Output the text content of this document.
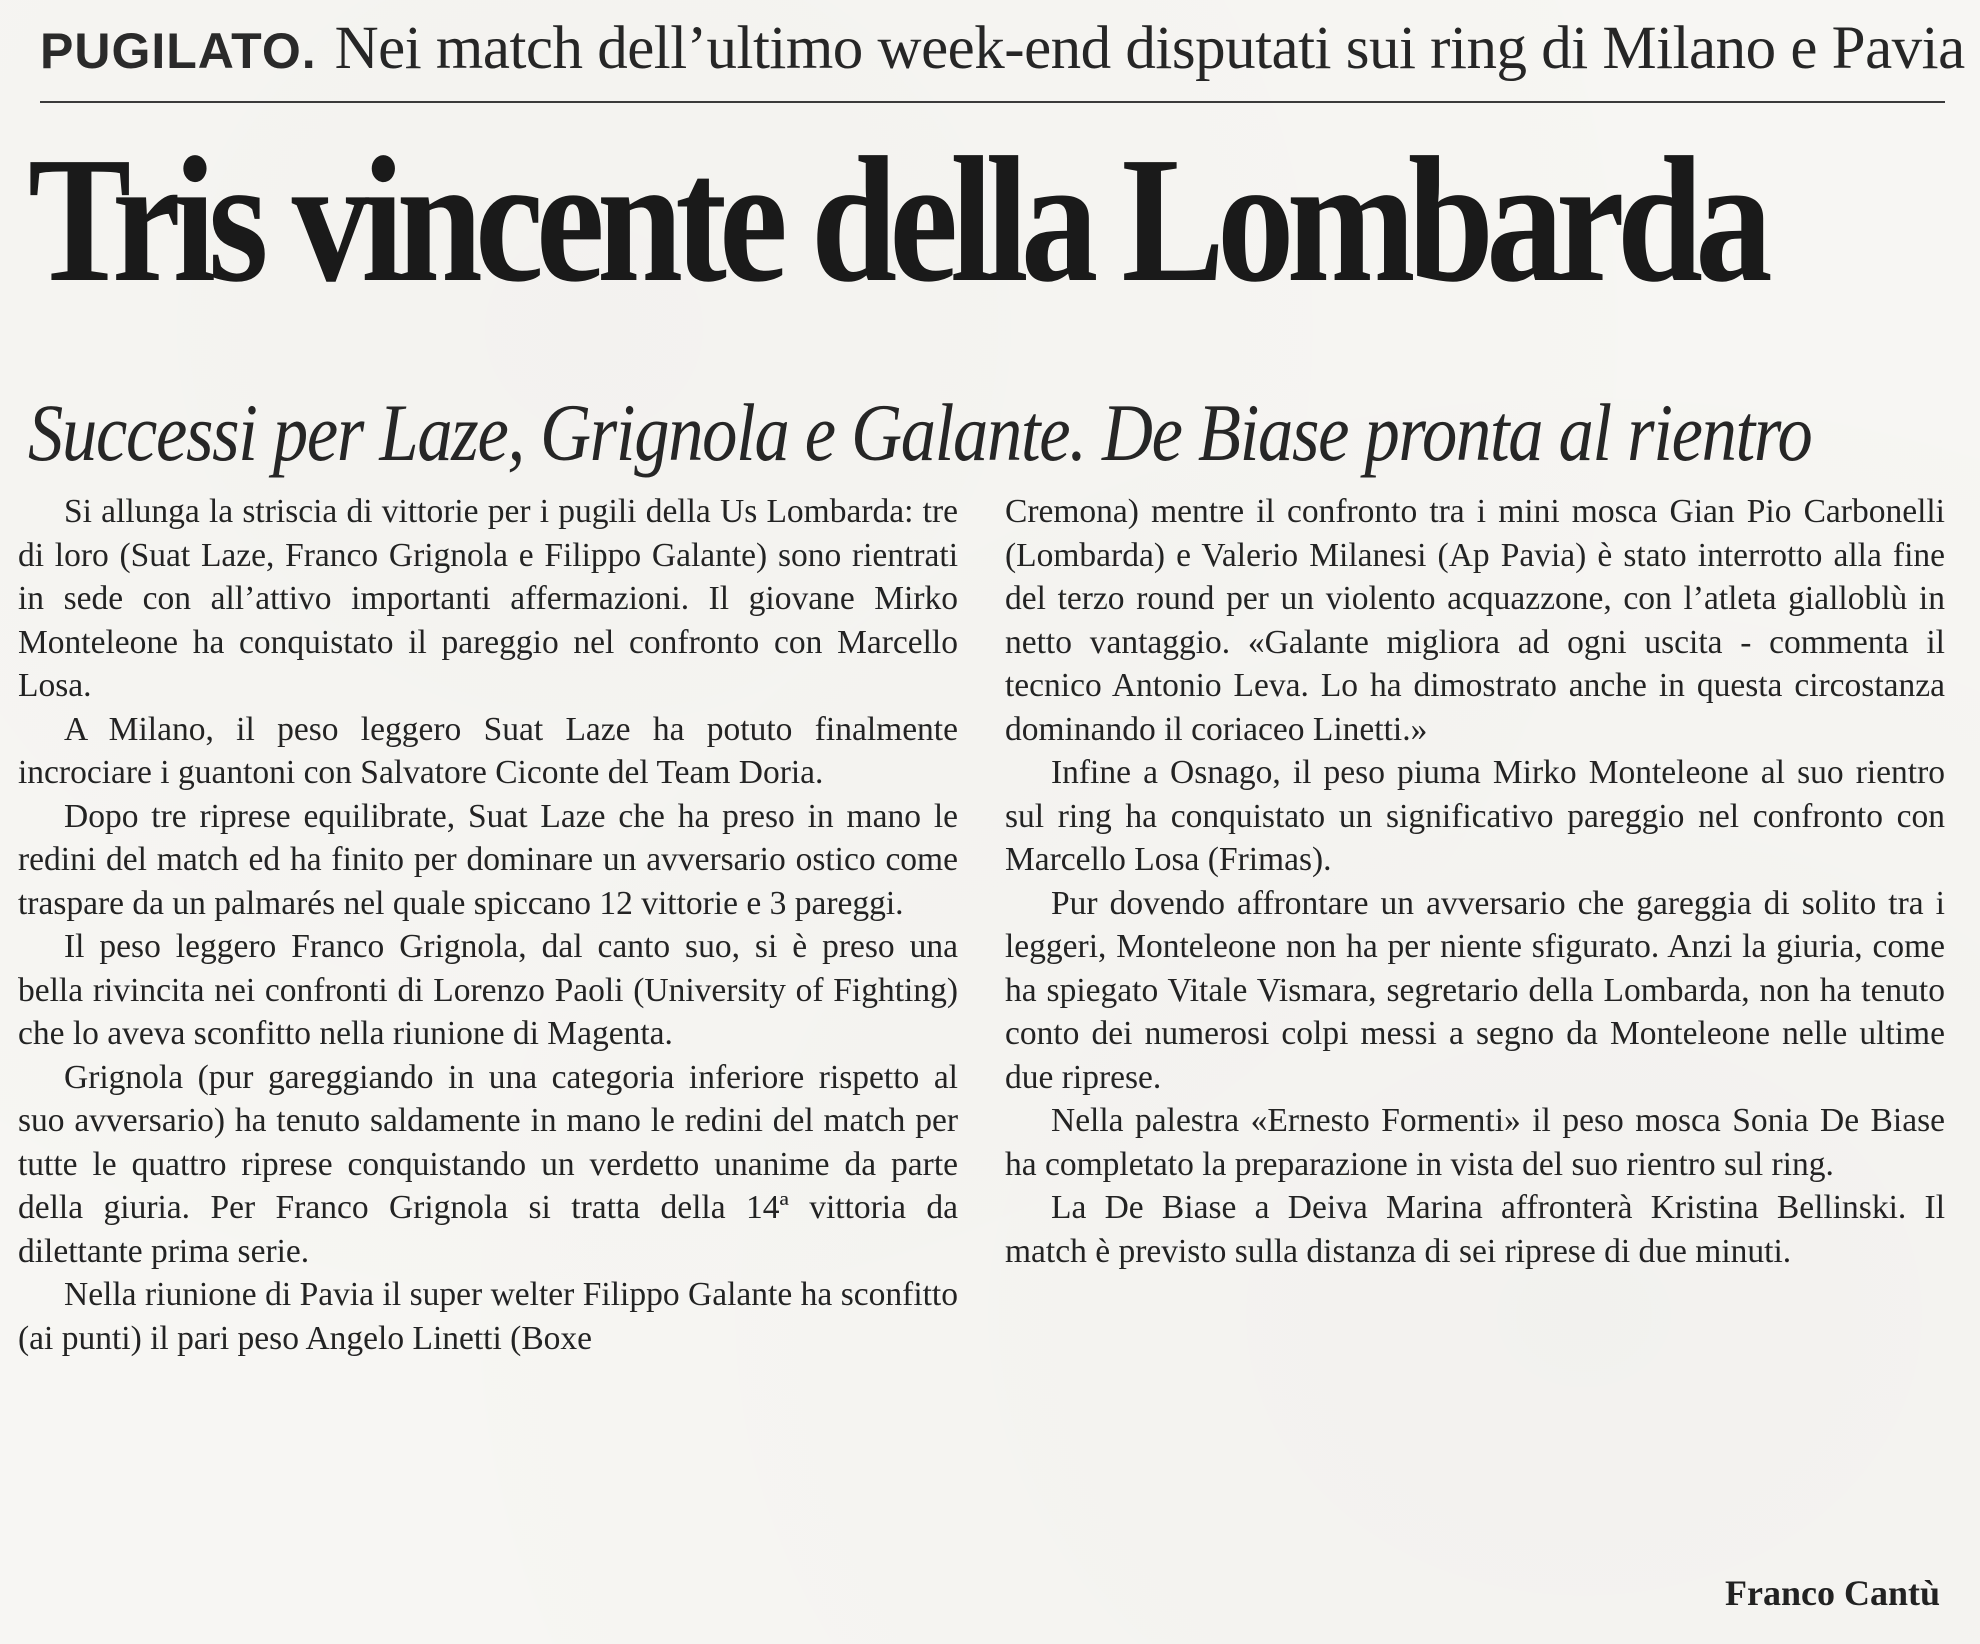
PUGILATO. Nei match dell’ultimo week-end disputati sui ring di Milano e Pavia
Tris vincente della Lombarda
Successi per Laze, Grignola e Galante. De Biase pronta al rientro

Si allunga la striscia di vittorie per i pugili della Us Lombarda: tre di loro (Suat Laze, Franco Grignola e Filippo Galante) sono rientrati in sede con all’attivo importanti affermazioni. Il giovane Mirko Monteleone ha conquistato il pareggio nel confronto con Marcello Losa.

A Milano, il peso leggero Suat Laze ha potuto finalmente incrociare i guantoni con Salvatore Ciconte del Team Doria.

Dopo tre riprese equilibrate, Suat Laze che ha preso in mano le redini del match ed ha finito per dominare un avversario ostico come traspare da un palmarés nel quale spiccano 12 vittorie e 3 pareggi.

Il peso leggero Franco Grignola, dal canto suo, si è preso una bella rivincita nei confronti di Lorenzo Paoli (University of Fighting) che lo aveva sconfitto nella riunione di Magenta.

Grignola (pur gareggiando in una categoria inferiore rispetto al suo avversario) ha tenuto saldamente in mano le redini del match per tutte le quattro riprese conquistando un verdetto unanime da parte della giuria. Per Franco Grignola si tratta della 14ª vittoria da dilettante prima serie.

Nella riunione di Pavia il super welter Filippo Galante ha sconfitto (ai punti) il pari peso Angelo Linetti (Boxe

Cremona) mentre il confronto tra i mini mosca Gian Pio Carbonelli (Lombarda) e Valerio Milanesi (Ap Pavia) è stato interrotto alla fine del terzo round per un violento acquazzone, con l’atleta gialloblù in netto vantaggio. «Galante migliora ad ogni uscita - commenta il tecnico Antonio Leva. Lo ha dimostrato anche in questa circostanza dominando il coriaceo Linetti.»

Infine a Osnago, il peso piuma Mirko Monteleone al suo rientro sul ring ha conquistato un significativo pareggio nel confronto con Marcello Losa (Frimas).

Pur dovendo affrontare un avversario che gareggia di solito tra i leggeri, Monteleone non ha per niente sfigurato. Anzi la giuria, come ha spiegato Vitale Vismara, segretario della Lombarda, non ha tenuto conto dei numerosi colpi messi a segno da Monteleone nelle ultime due riprese.

Nella palestra «Ernesto Formenti» il peso mosca Sonia De Biase ha completato la preparazione in vista del suo rientro sul ring.

La De Biase a Deiva Marina affronterà Kristina Bellinski. Il match è previsto sulla distanza di sei riprese di due minuti.

Franco Cantù
